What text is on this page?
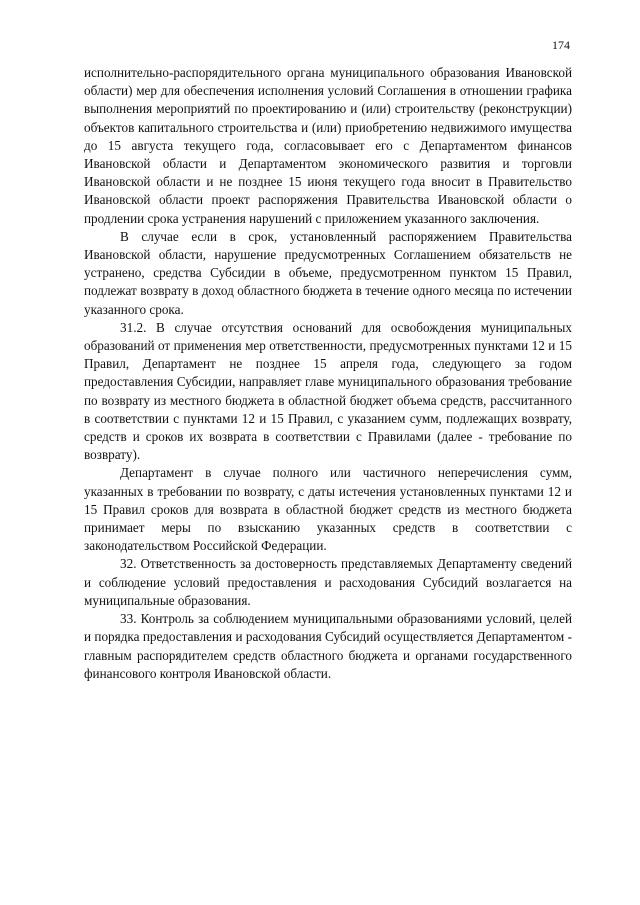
174

исполнительно-распорядительного органа муниципального образования Ивановской области) мер для обеспечения исполнения условий Соглашения в отношении графика выполнения мероприятий по проектированию и (или) строительству (реконструкции) объектов капитального строительства и (или) приобретению недвижимого имущества до 15 августа текущего года, согласовывает его с Департаментом финансов Ивановской области и Департаментом экономического развития и торговли Ивановской области и не позднее 15 июня текущего года вносит в Правительство Ивановской области проект распоряжения Правительства Ивановской области о продлении срока устранения нарушений с приложением указанного заключения.

В случае если в срок, установленный распоряжением Правительства Ивановской области, нарушение предусмотренных Соглашением обязательств не устранено, средства Субсидии в объеме, предусмотренном пунктом 15 Правил, подлежат возврату в доход областного бюджета в течение одного месяца по истечении указанного срока.

31.2. В случае отсутствия оснований для освобождения муниципальных образований от применения мер ответственности, предусмотренных пунктами 12 и 15 Правил, Департамент не позднее 15 апреля года, следующего за годом предоставления Субсидии, направляет главе муниципального образования требование по возврату из местного бюджета в областной бюджет объема средств, рассчитанного в соответствии с пунктами 12 и 15 Правил, с указанием сумм, подлежащих возврату, средств и сроков их возврата в соответствии с Правилами (далее - требование по возврату).

Департамент в случае полного или частичного неперечисления сумм, указанных в требовании по возврату, с даты истечения установленных пунктами 12 и 15 Правил сроков для возврата в областной бюджет средств из местного бюджета принимает меры по взысканию указанных средств в соответствии с законодательством Российской Федерации.

32. Ответственность за достоверность представляемых Департаменту сведений и соблюдение условий предоставления и расходования Субсидий возлагается на муниципальные образования.

33. Контроль за соблюдением муниципальными образованиями условий, целей и порядка предоставления и расходования Субсидий осуществляется Департаментом - главным распорядителем средств областного бюджета и органами государственного финансового контроля Ивановской области.
